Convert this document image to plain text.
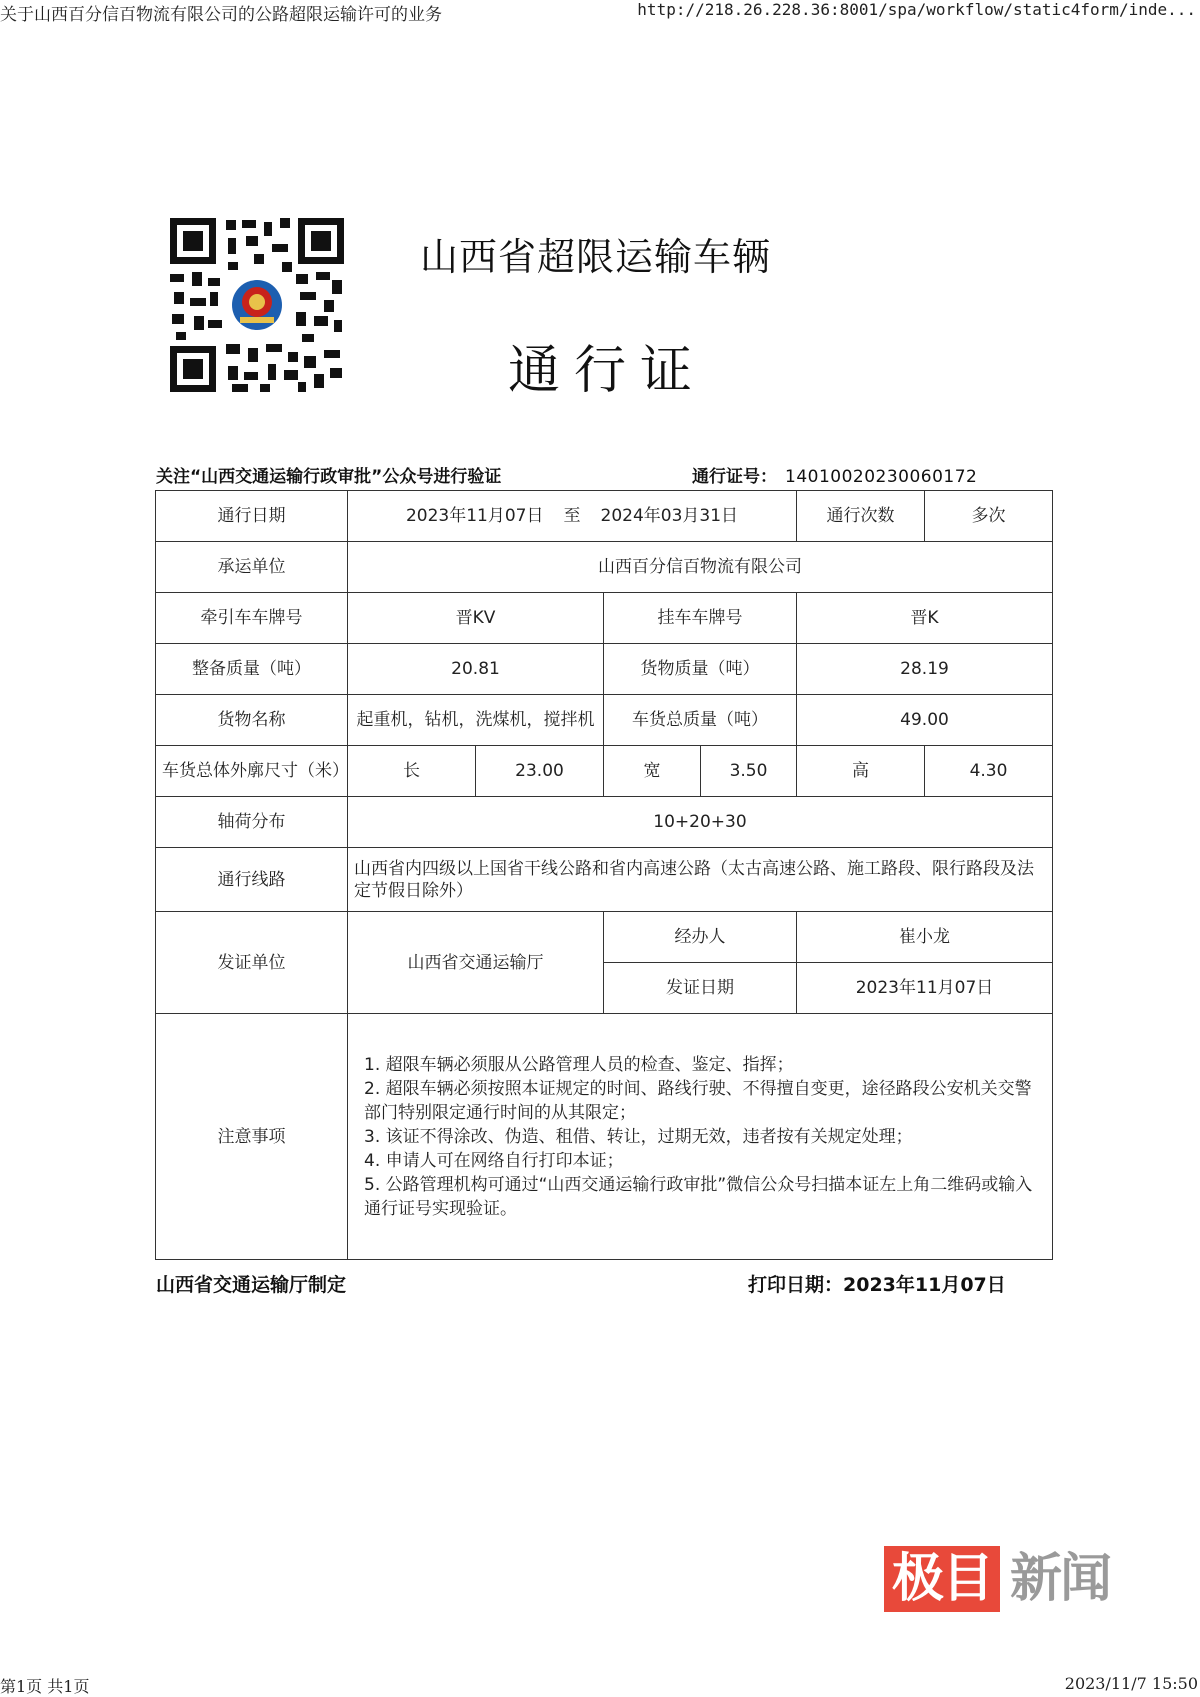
关于山西百分信百物流有限公司的公路超限运输许可的业务	http://218.26.228.36:8001/spa/workflow/static4form/inde...
山西省超限运输车辆
通行证
关注“山西交通运输行政审批”公众号进行验证	通行证号： 14010020230060172
通行日期	2023年11月07日 至 2024年03月31日				通行次数	多次
承运单位	山西百分信百物流有限公司					
牵引车车牌号	晋KV		挂车车牌号		晋K	
整备质量（吨）	20.81		货物质量（吨）		28.19	
货物名称	起重机，钻机，洗煤机，搅拌机		车货总质量（吨）		49.00	
车货总体外廓尺寸（米）	长	23.00	宽	3.50	高	4.30
轴荷分布	10+20+30					
通行线路	山西省内四级以上国省干线公路和省内高速公路（太古高速公路、施工路段、限行路段及法定节假日除外）					
发证单位	山西省交通运输厅		经办人		崔小龙	
			发证日期		2023年11月07日	
注意事项	1. 超限车辆必须服从公路管理人员的检查、鉴定、指挥；
2. 超限车辆必须按照本证规定的时间、路线行驶、不得擅自变更，途径路段公安机关交警部门特别限定通行时间的从其限定；
3. 该证不得涂改、伪造、租借、转让，过期无效，违者按有关规定处理；
4. 申请人可在网络自行打印本证；
5. 公路管理机构可通过“山西交通运输行政审批”微信公众号扫描本证左上角二维码或输入通行证号实现验证。					
山西省交通运输厅制定	打印日期：2023年11月07日
极目 新闻
第1页 共1页	2023/11/7 15:50
